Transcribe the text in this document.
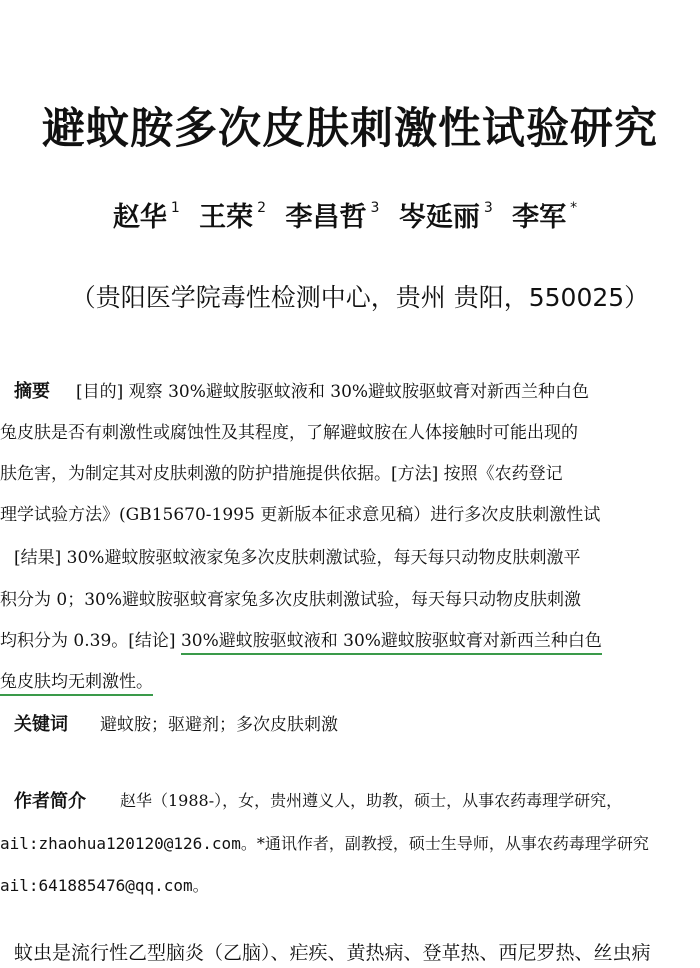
避蚊胺多次皮肤刺激性试验研究
赵华 $^1$ 王荣 $^2$ 李昌哲 $^3$ 岑延丽 $^3$ 李军 *
（贵阳医学院毒性检测中心，贵州 贵阳，550025）
摘要 [目的] 观察 30%避蚊胺驱蚊液和 30%避蚊胺驱蚊膏对新西兰种白色
兔皮肤是否有刺激性或腐蚀性及其程度，了解避蚊胺在人体接触时可能出现的
肤危害，为制定其对皮肤刺激的防护措施提供依据。[方法] 按照《农药登记
理学试验方法》(GB15670-1995 更新版本征求意见稿）进行多次皮肤刺激性试
[结果] 30%避蚊胺驱蚊液家兔多次皮肤刺激试验，每天每只动物皮肤刺激平
积分为 0；30%避蚊胺驱蚊膏家兔多次皮肤刺激试验，每天每只动物皮肤刺激
均积分为 0.39。[结论] 30%避蚊胺驱蚊液和 30%避蚊胺驱蚊膏对新西兰种白色
兔皮肤均无刺激性。
关键词 避蚊胺；驱避剂；多次皮肤刺激
作者简介 赵华（1988-），女，贵州遵义人，助教，硕士，从事农药毒理学研究，
ail:zhaohua120120@126.com。*通讯作者，副教授，硕士生导师，从事农药毒理学研究
ail:641885476@qq.com。
蚊虫是流行性乙型脑炎（乙脑）、疟疾、黄热病、登革热、西尼罗热、丝虫病
